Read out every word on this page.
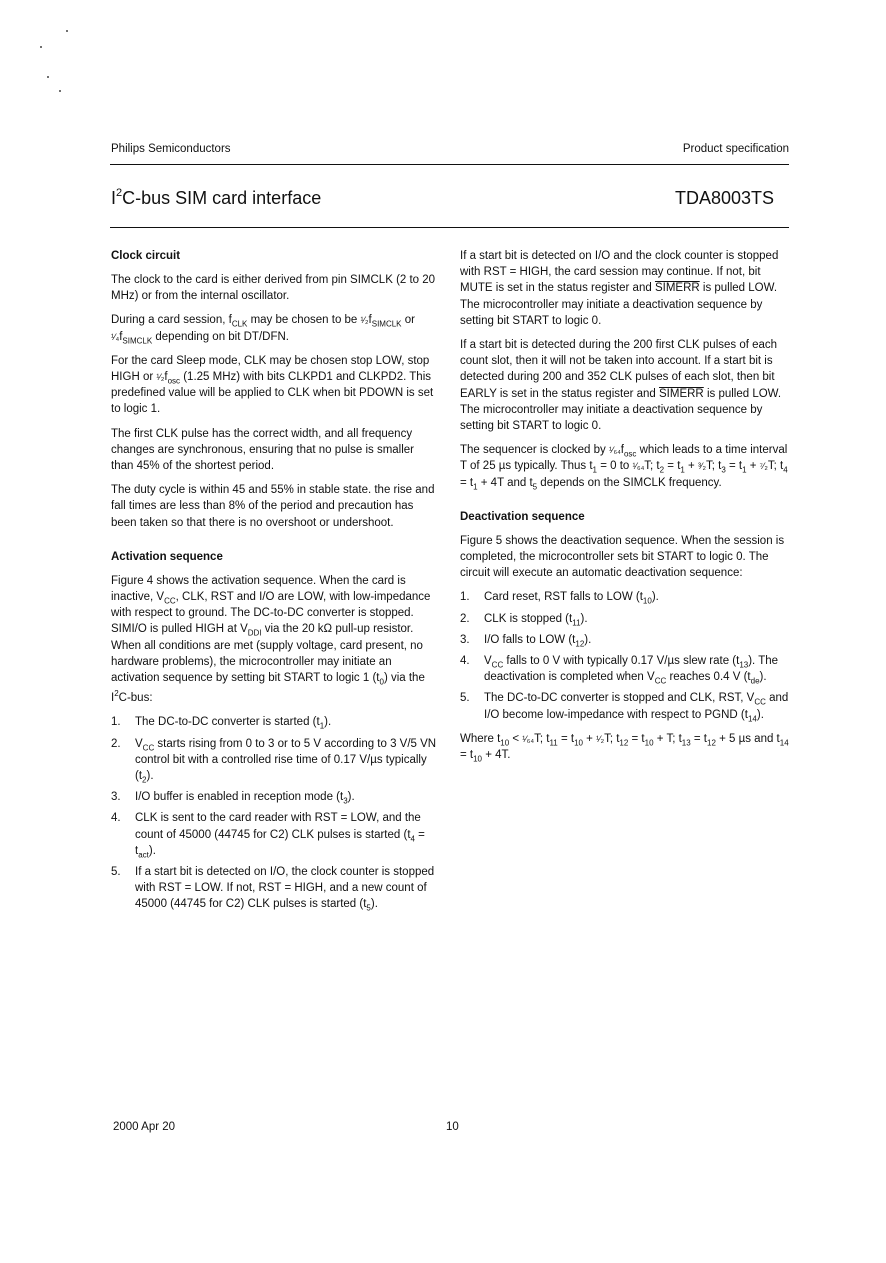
Philips Semiconductors	Product specification
$I^2C$-bus SIM card interface	TDA8003TS
Clock circuit

The clock to the card is either derived from pin SIMCLK (2 to 20 MHz) or from the internal oscillator.

During a card session, $f_{CLK}$ may be chosen to be $^1⁄_2f_{SIMCLK}$ or $^1⁄_4f_{SIMCLK}$ depending on bit DT/DFN.

For the card Sleep mode, CLK may be chosen stop LOW, stop HIGH or $^1⁄_2f_{osc}$ (1.25 MHz) with bits CLKPD1 and CLKPD2. This predefined value will be applied to CLK when bit PDOWN is set to logic 1.

The first CLK pulse has the correct width, and all frequency changes are synchronous, ensuring that no pulse is smaller than 45% of the shortest period.

The duty cycle is within 45 and 55% in stable state. the rise and fall times are less than 8% of the period and precaution has been taken so that there is no overshoot or undershoot.

Activation sequence

Figure 4 shows the activation sequence. When the card is inactive, $V_{CC}$, CLK, RST and I/O are LOW, with low-impedance with respect to ground. The DC-to-DC converter is stopped. SIMI/O is pulled HIGH at $V_{DDI}$ via the 20 kΩ pull-up resistor. When all conditions are met (supply voltage, card present, no hardware problems), the microcontroller may initiate an activation sequence by setting bit START to logic 1 $(t_0)$ via the $I^2C$-bus:

1. The DC-to-DC converter is started $(t_1)$.
2. $V_{CC}$ starts rising from 0 to 3 or to 5 V according to 3 V/5 VN control bit with a controlled rise time of 0.17 V/µs typically $(t_2)$.
3. I/O buffer is enabled in reception mode $(t_3)$.
4. CLK is sent to the card reader with RST = LOW, and the count of 45000 (44745 for C2) CLK pulses is started $(t_4 = t_{act})$.
5. If a start bit is detected on I/O, the clock counter is stopped with RST = LOW. If not, RST = HIGH, and a new count of 45000 (44745 for C2) CLK pulses is started $(t_5)$.

If a start bit is detected on I/O and the clock counter is stopped with RST = HIGH, the card session may continue. If not, bit MUTE is set in the status register and SIMERR is pulled LOW. The microcontroller may initiate a deactivation sequence by setting bit START to logic 0.

If a start bit is detected during the 200 first CLK pulses of each count slot, then it will not be taken into account. If a start bit is detected during 200 and 352 CLK pulses of each slot, then bit EARLY is set in the status register and SIMERR is pulled LOW. The microcontroller may initiate a deactivation sequence by setting bit START to logic 0.

The sequencer is clocked by $^1⁄_{64}f_{osc}$ which leads to a time interval T of 25 µs typically. Thus $t_1 = 0$ to ¹⁄₆₄T; $t_2 = t_1$ + ³⁄₂T; $t_3 = t_1$ + ⁷⁄₂T; $t_4 = t_1 + 4T$ and $t_5$ depends on the SIMCLK frequency.

Deactivation sequence

Figure 5 shows the deactivation sequence. When the session is completed, the microcontroller sets bit START to logic 0. The circuit will execute an automatic deactivation sequence:

1. Card reset, RST falls to LOW $(t_{10})$.
2. CLK is stopped $(t_{11})$.
3. I/O falls to LOW $(t_{12})$.
4. $V_{CC}$ falls to 0 V with typically 0.17 V/µs slew rate $(t_{13})$. The deactivation is completed when $V_{CC}$ reaches 0.4 V $(t_{de})$.
5. The DC-to-DC converter is stopped and CLK, RST, $V_{CC}$ and I/O become low-impedance with respect to PGND $(t_{14})$.

Where $t_{10}$ < ¹⁄₆₄T; $t_{11} = t_{10}$ + ¹⁄₂T; $t_{12} = t_{10} + T$; $t_{13} = t_{12} + 5$ µs and $t_{14} = t_{10} + 4T$.

2000 Apr 20	10
